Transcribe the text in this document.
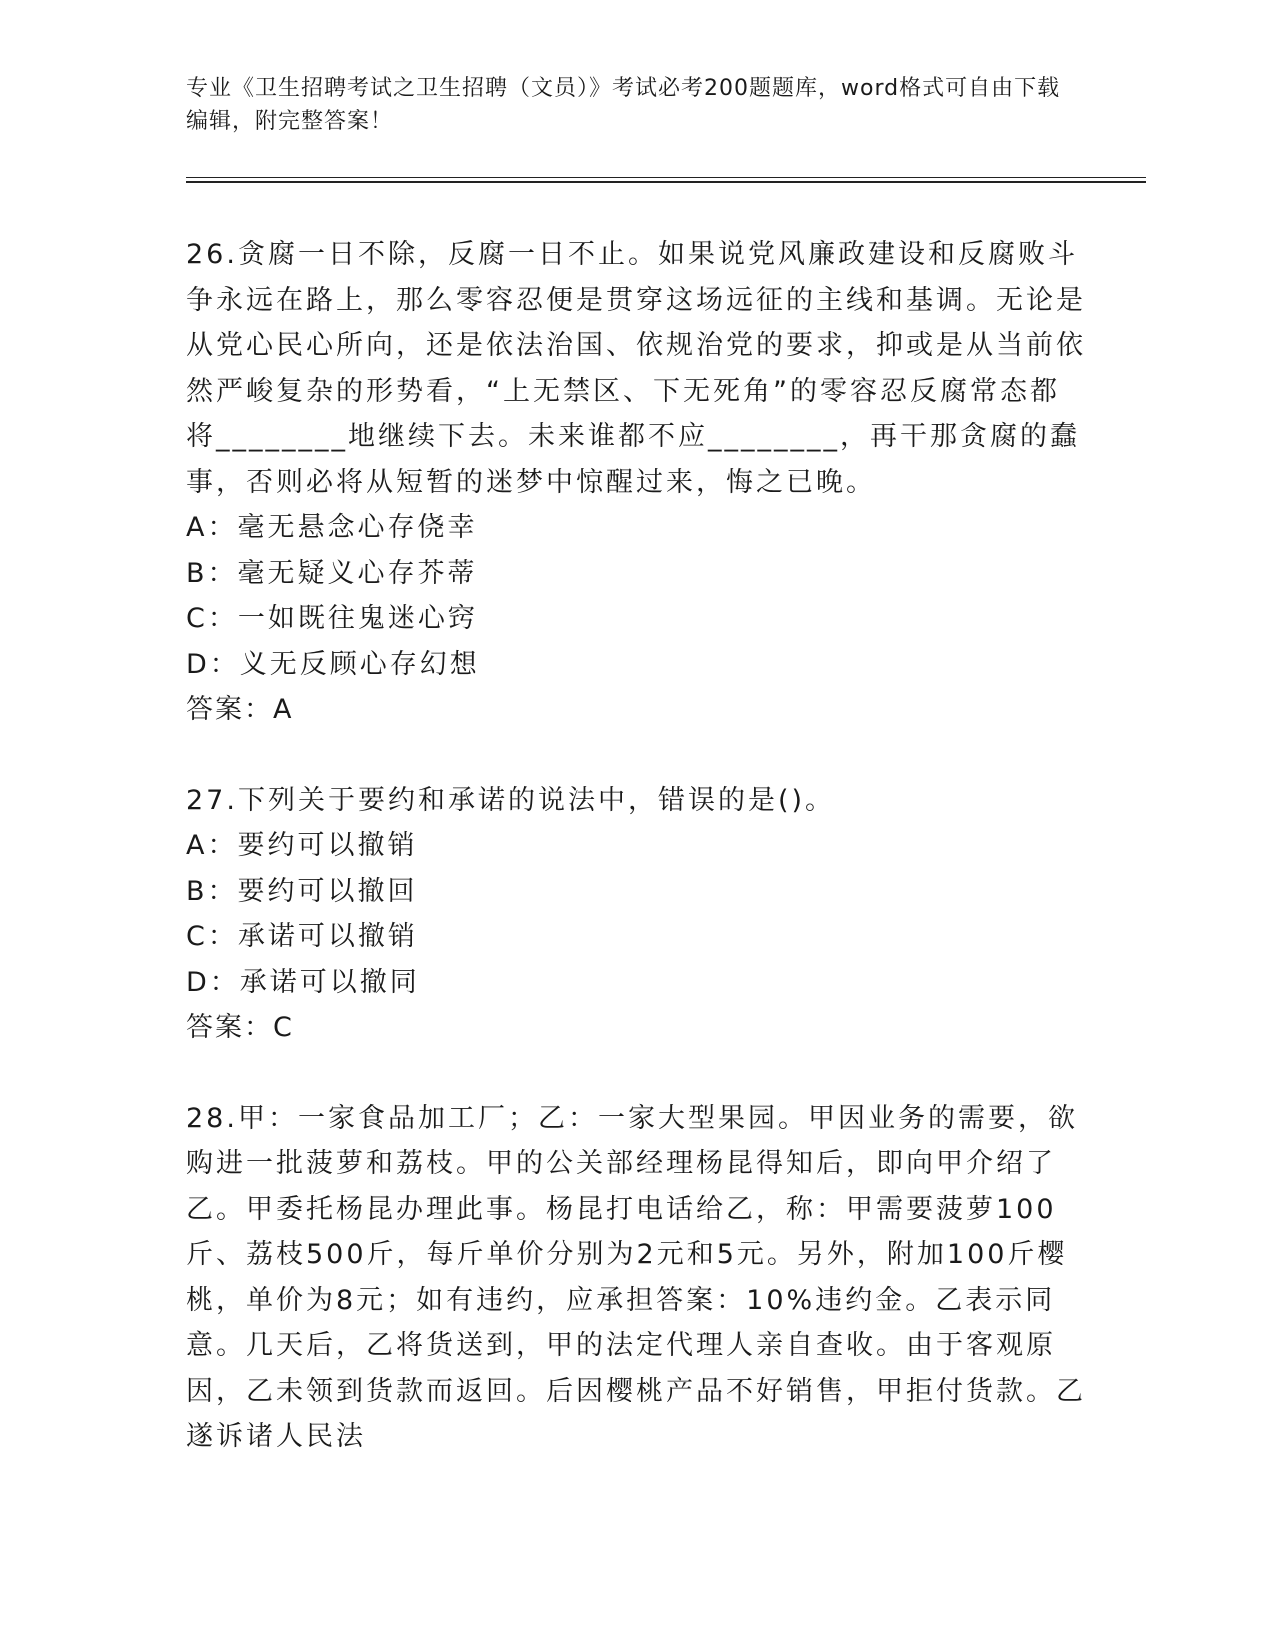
专业《卫生招聘考试之卫生招聘（文员）》考试必考200题题库，word格式可自由下载编辑，附完整答案！

26.贪腐一日不除，反腐一日不止。如果说党风廉政建设和反腐败斗争永远在路上，那么零容忍便是贯穿这场远征的主线和基调。无论是从党心民心所向，还是依法治国、依规治党的要求，抑或是从当前依然严峻复杂的形势看，“上无禁区、下无死角”的零容忍反腐常态都将________地继续下去。未来谁都不应________，再干那贪腐的蠢事，否则必将从短暂的迷梦中惊醒过来，悔之已晚。

A：毫无悬念心存侥幸

B：毫无疑义心存芥蒂

C：一如既往鬼迷心窍

D：义无反顾心存幻想

答案：A

27.下列关于要约和承诺的说法中，错误的是()。

A：要约可以撤销

B：要约可以撤回

C：承诺可以撤销

D：承诺可以撤同

答案：C

28.甲：一家食品加工厂；乙：一家大型果园。甲因业务的需要，欲购进一批菠萝和荔枝。甲的公关部经理杨昆得知后，即向甲介绍了乙。甲委托杨昆办理此事。杨昆打电话给乙，称：甲需要菠萝100斤、荔枝500斤，每斤单价分别为2元和5元。另外，附加100斤樱桃，单价为8元；如有违约，应承担答案：10%违约金。乙表示同意。几天后，乙将货送到，甲的法定代理人亲自查收。由于客观原因，乙未领到货款而返回。后因樱桃产品不好销售，甲拒付货款。乙遂诉诸人民法
